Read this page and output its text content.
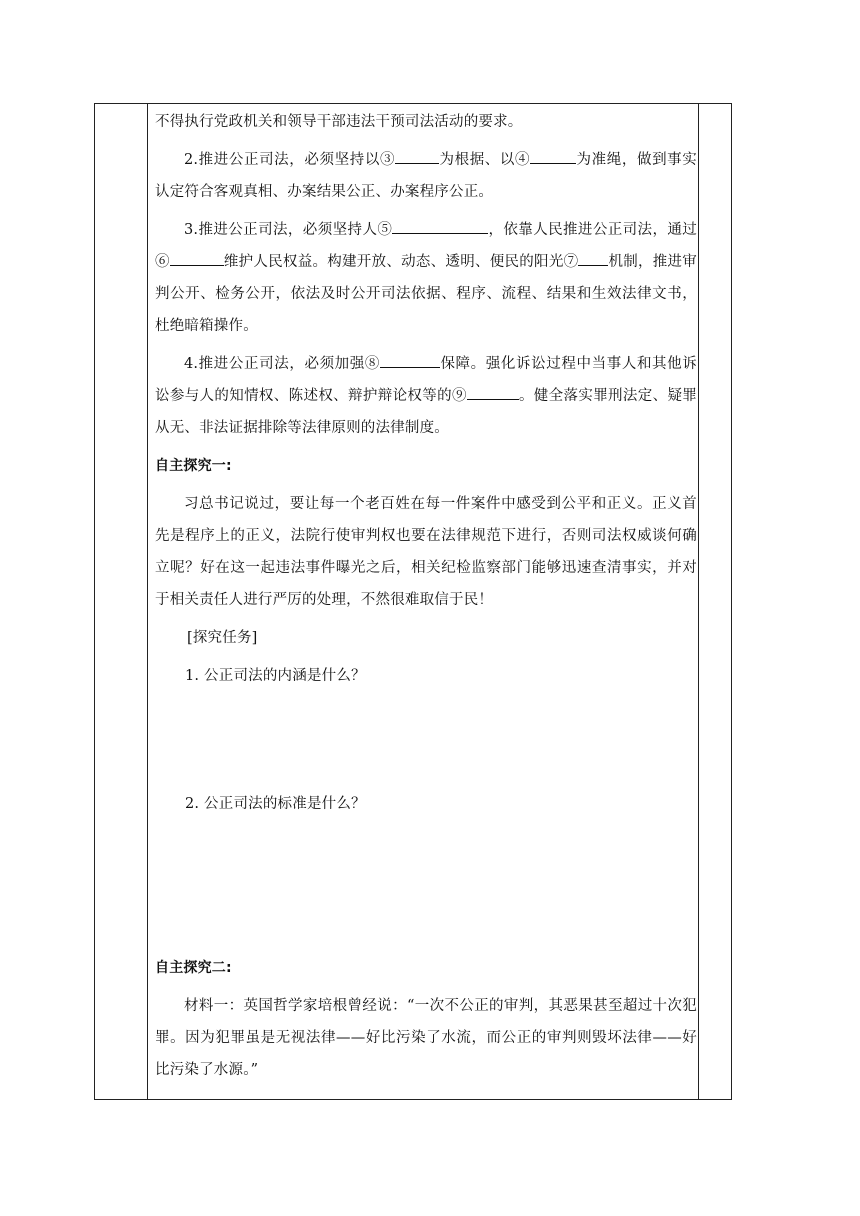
不得执行党政机关和领导干部违法干预司法活动的要求。

2.推进公正司法，必须坚持以③	为根据、以④	为准绳，做到事实认定符合客观真相、办案结果公正、办案程序公正。

3.推进公正司法，必须坚持人⑤	，依靠人民推进公正司法，通过⑥	维护人民权益。构建开放、动态、透明、便民的阳光⑦ 机制，推进审判公开、检务公开，依法及时公开司法依据、程序、流程、结果和生效法律文书，杜绝暗箱操作。

4.推进公正司法，必须加强⑧	保障。强化诉讼过程中当事人和其他诉讼参与人的知情权、陈述权、辩护辩论权等的⑨	。健全落实罪刑法定、疑罪从无、非法证据排除等法律原则的法律制度。

自主探究一:

习总书记说过，要让每一个老百姓在每一件案件中感受到公平和正义。正义首先是程序上的正义，法院行使审判权也要在法律规范下进行，否则司法权威谈何确立呢？好在这一起违法事件曝光之后，相关纪检监察部门能够迅速查清事实，并对于相关责任人进行严厉的处理，不然很难取信于民！

[探究任务]

1. 公正司法的内涵是什么？

2. 公正司法的标准是什么？

自主探究二:

材料一：英国哲学家培根曾经说：“一次不公正的审判，其恶果甚至超过十次犯罪。因为犯罪虽是无视法律——好比污染了水流，而公正的审判则毁坏法律——好比污染了水源。”
